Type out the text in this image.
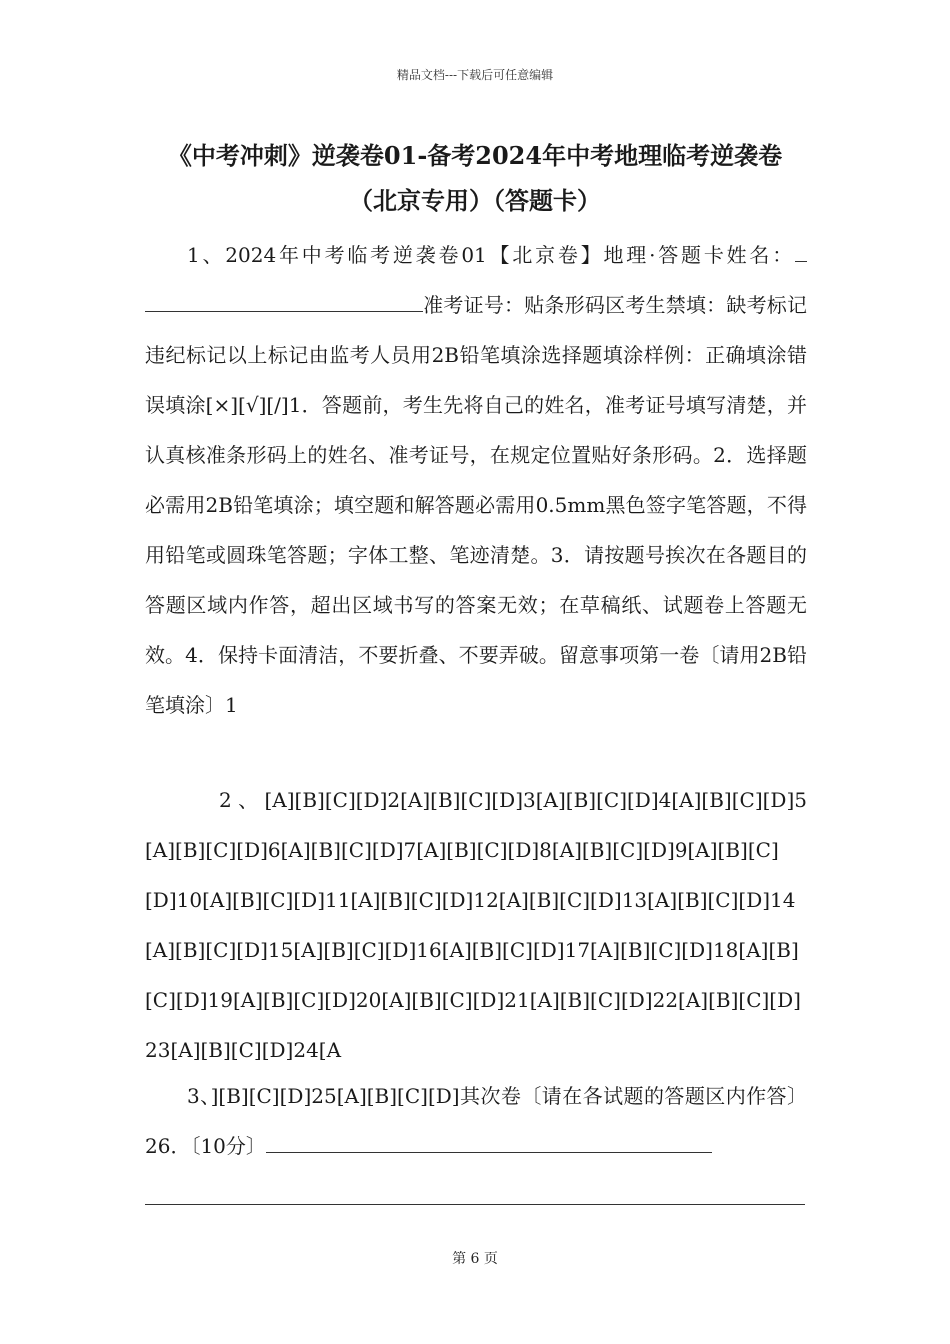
精品文档---下载后可任意编辑
《中考冲刺》逆袭卷01-备考2024年中考地理临考逆袭卷
（北京专用）（答题卡）

1、2024年中考临考逆袭卷01【北京卷】地理·答题卡姓名：准考证号：贴条形码区考生禁填：缺考标记违纪标记以上标记由监考人员用2B铅笔填涂选择题填涂样例：正确填涂错误填涂[×][√][/]1．答题前，考生先将自己的姓名，准考证号填写清楚，并认真核准条形码上的姓名、准考证号，在规定位置贴好条形码。2．选择题必需用2B铅笔填涂；填空题和解答题必需用0.5mm黑色签字笔答题，不得用铅笔或圆珠笔答题；字体工整、笔迹清楚。3．请按题号挨次在各题目的答题区域内作答，超出区域书写的答案无效；在草稿纸、试题卷上答题无效。4．保持卡面清洁，不要折叠、不要弄破。留意事项第一卷〔请用2B铅笔填涂〕1

2 、 [A][B][C][D]2[A][B][C][D]3[A][B][C][D]4[A][B][C][D]5[A][B][C][D]6[A][B][C][D]7[A][B][C][D]8[A][B][C][D]9[A][B][C][D]10[A][B][C][D]11[A][B][C][D]12[A][B][C][D]13[A][B][C][D]14[A][B][C][D]15[A][B][C][D]16[A][B][C][D]17[A][B][C][D]18[A][B][C][D]19[A][B][C][D]20[A][B][C][D]21[A][B][C][D]22[A][B][C][D]23[A][B][C][D]24[A

3、][B][C][D]25[A][B][C][D]其次卷〔请在各试题的答题区内作答〕26．〔10分〕

第 6 页
